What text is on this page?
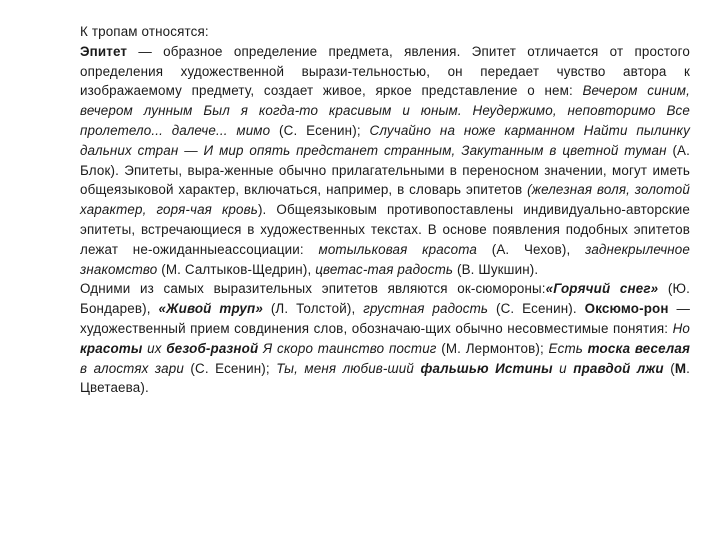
К тропам относятся:

Эпитет — образное определение предмета, явления. Эпитет отличается от простого определения художественной вырази-тельностью, он передает чувство автора к изображаемому предмету, создает живое, яркое представление о нем: Вечером синим, вечером лунным Был я когда-то красивым и юным. Неудержимо, неповторимо Все пролетело... далече... мимо (С. Есенин); Случайно на ноже карманном Найти пылинку дальних стран — И мир опять предстанет странным, Закутанным в цветной туман (А. Блок). Эпитеты, выра-женные обычно прилагательными в переносном значении, могут иметь общеязыковой характер, включаться, например, в словарь эпитетов (железная воля, золотой характер, горя-чая кровь). Общеязыковым противопоставлены индивидуально-авторские эпитеты, встречающиеся в художественных текстах. В основе появления подобных эпитетов лежат не-ожиданныеассоциации: мотыльковая красота (А. Чехов), заднекрылечное знакомство (М. Салтыков-Щедрин), цветас-тая радость (В. Шукшин).

Одними из самых выразительных эпитетов являются ок-сюмороны:«Горячий снег» (Ю. Бондарев), «Живой труп» (Л. Толстой), грустная радость (С. Есенин). Оксюмо-рон — художественный прием совдинения слов, обозначаю-щих обычно несовместимые понятия: Но красоты их безоб-разной Я скоро таинство постиг (М. Лермонтов); Есть тоска веселая в алостях зари (С. Есенин); Ты, меня любив-ший фальшью Истины и правдой лжи (М. Цветаева).
